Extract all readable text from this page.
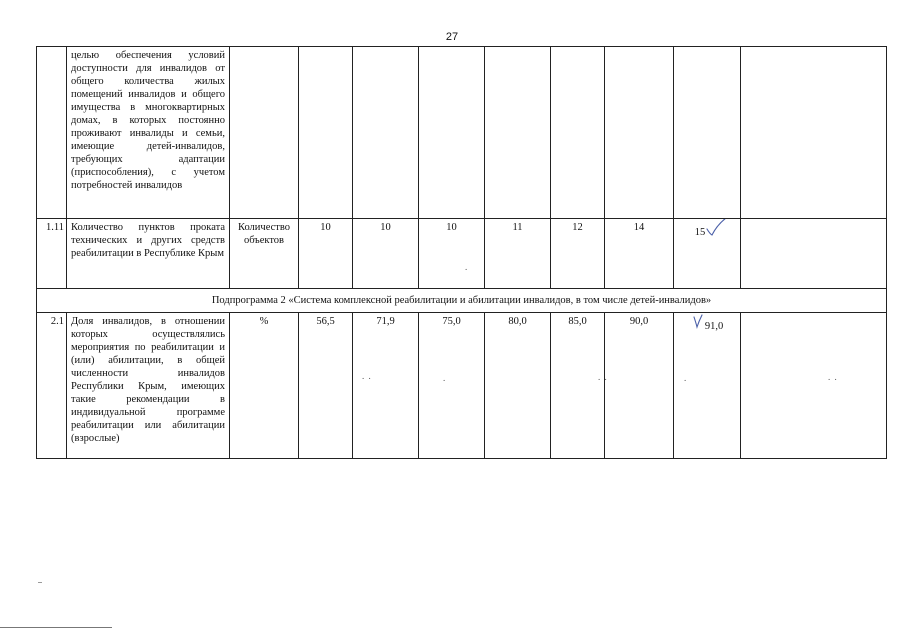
27
	целью обеспечения условий доступности для инвалидов от общего количества жилых помещений инвалидов и общего имущества в многоквартирных домах, в которых постоянно проживают инвалиды и семьи, имеющие детей-инвалидов, требующих адаптации (приспособления), с учетом потребностей инвалидов									
1.11	Количество пунктов проката технических и других средств реабилитации в Республике Крым	Количество объектов	10	10	10	11	12	14	15

Подпрограмма 2 «Система комплексной реабилитации и абилитации инвалидов, в том числе детей-инвалидов»										
2.1	Доля инвалидов, в отношении которых осуществлялись мероприятия по реабилитации и (или) абилитации, в общей численности инвалидов Республики Крым, имеющих такие рекомендации в индивидуальной программе реабилитации или абилитации (взрослые)	%	56,5	71,9	75,0	80,0	85,0	90,0	91,0	
. .	.	. .	.	. .
.
